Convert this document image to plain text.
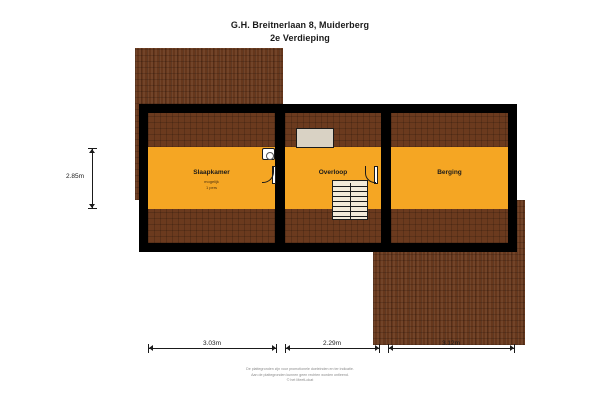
G.H. Breitnerlaan 8, Muiderberg
2e Verdieping
Slaapkamer
mogelijk
1 pers
Overloop	Berging
2.85m
3.03m	2.29m	3.12m
De plattegronden zijn voor promotionele doeleinden en ter indicatie.
Aan de plattegronden kunnen geen rechten worden ontleend.
© het MeetLokat
